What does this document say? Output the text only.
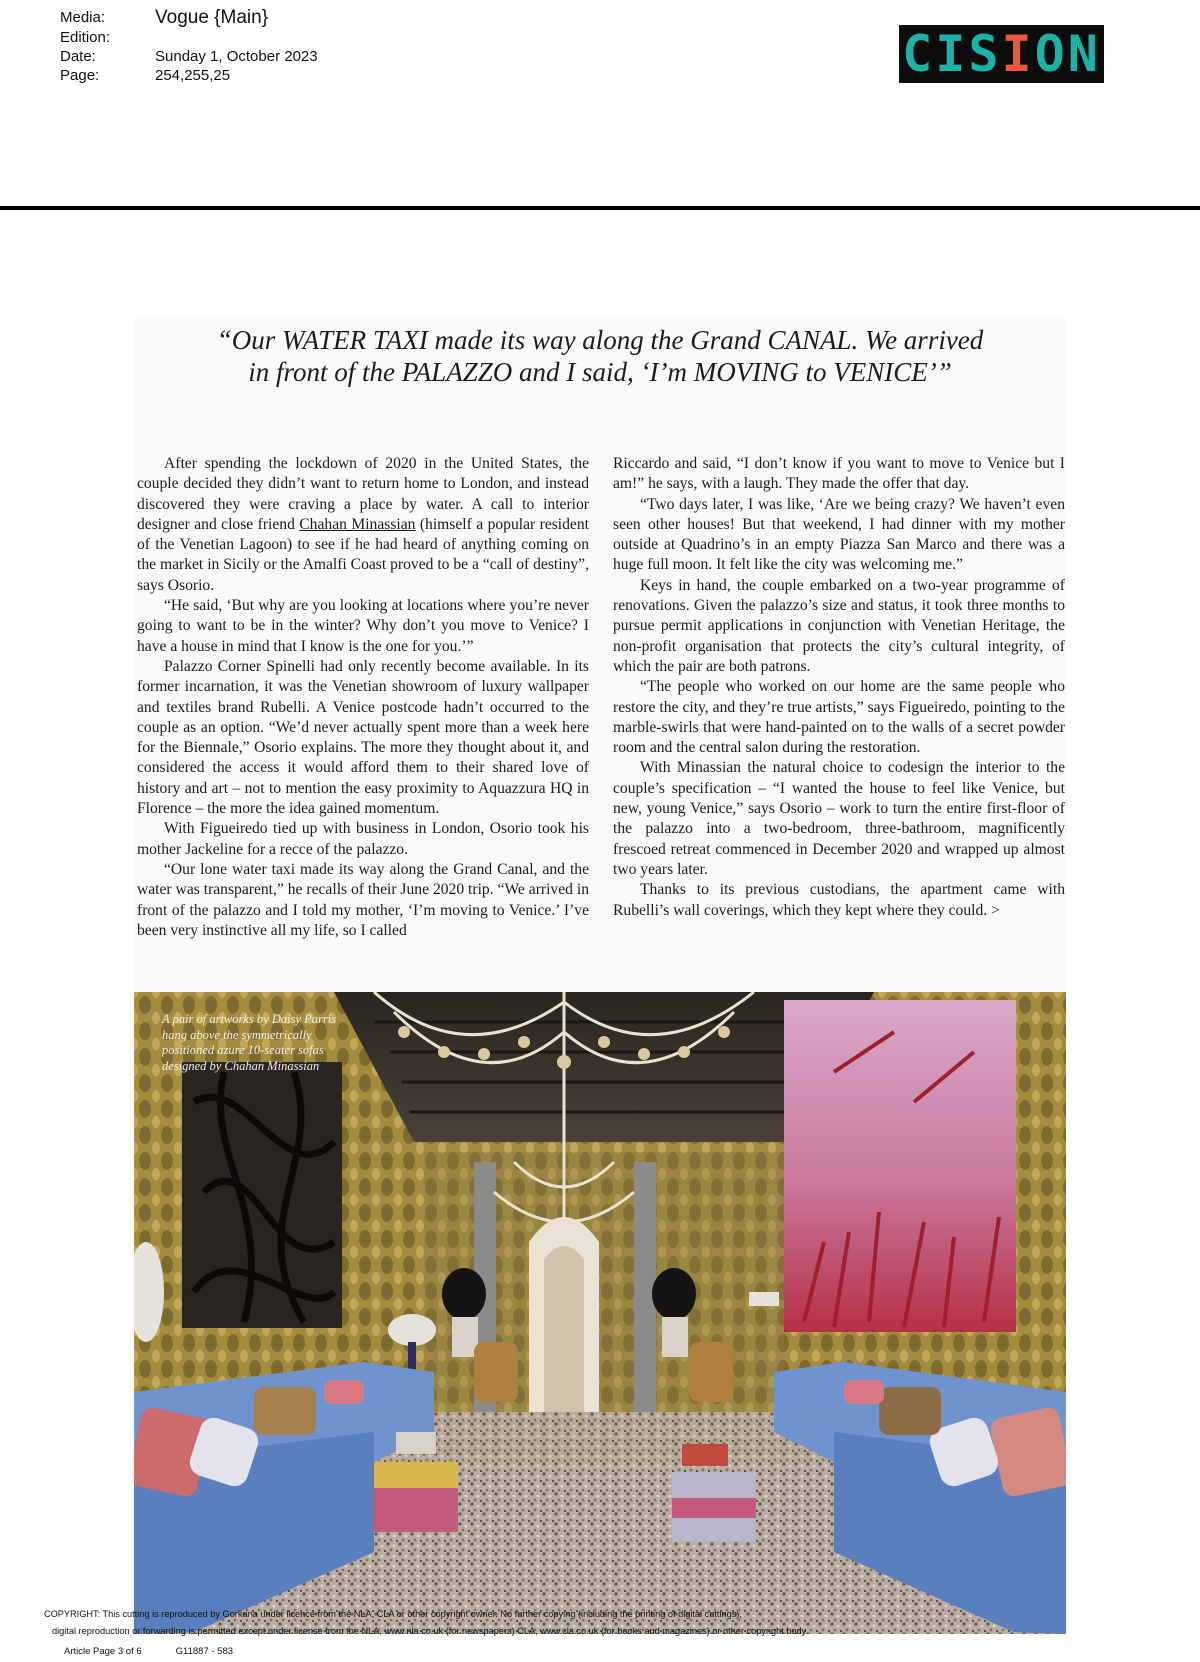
Media:	Vogue {Main}
Edition:
Date:	Sunday 1, October 2023
Page:	254,255,25	CIS I ON
“Our WATER TAXI made its way along the Grand CANAL. We arrived
in front of the PALAZZO and I said, ‘I’m MOVING to VENICE’”

After spending the lockdown of 2020 in the United States, the couple decided they didn’t want to return home to London, and instead discovered they were craving a place by water. A call to interior designer and close friend Chahan Minassian (himself a popular resident of the Venetian Lagoon) to see if he had heard of anything coming on the market in Sicily or the Amalfi Coast proved to be a “call of destiny”, says Osorio.

“He said, ‘But why are you looking at locations where you’re never going to want to be in the winter? Why don’t you move to Venice? I have a house in mind that I know is the one for you.’”

Palazzo Corner Spinelli had only recently become available. In its former incarnation, it was the Venetian showroom of luxury wallpaper and textiles brand Rubelli. A Venice postcode hadn’t occurred to the couple as an option. “We’d never actually spent more than a week here for the Biennale,” Osorio explains. The more they thought about it, and considered the access it would afford them to their shared love of history and art – not to mention the easy proximity to Aquazzura HQ in Florence – the more the idea gained momentum.

With Figueiredo tied up with business in London, Osorio took his mother Jackeline for a recce of the palazzo.

“Our lone water taxi made its way along the Grand Canal, and the water was transparent,” he recalls of their June 2020 trip. “We arrived in front of the palazzo and I told my mother, ‘I’m moving to Venice.’ I’ve been very instinctive all my life, so I called

Riccardo and said, “I don’t know if you want to move to Venice but I am!” he says, with a laugh. They made the offer that day.

“Two days later, I was like, ‘Are we being crazy? We haven’t even seen other houses! But that weekend, I had dinner with my mother outside at Quadrino’s in an empty Piazza San Marco and there was a huge full moon. It felt like the city was welcoming me.”

Keys in hand, the couple embarked on a two-year programme of renovations. Given the palazzo’s size and status, it took three months to pursue permit applications in conjunction with Venetian Heritage, the non-profit organisation that protects the city’s cultural integrity, of which the pair are both patrons.

“The people who worked on our home are the same people who restore the city, and they’re true artists,” says Figueiredo, pointing to the marble-swirls that were hand-painted on to the walls of a secret powder room and the central salon during the restoration.

With Minassian the natural choice to codesign the interior to the couple’s specification – “I wanted the house to feel like Venice, but new, young Venice,” says Osorio – work to turn the entire first-floor of the palazzo into a two-bedroom, three-bathroom, magnificently frescoed retreat commenced in December 2020 and wrapped up almost two years later.

Thanks to its previous custodians, the apartment came with Rubelli’s wall coverings, which they kept where they could. >

A pair of artworks by Daisy Parris hang above the symmetrically positioned azure 10-seater sofas designed by Chahan Minassian
COPYRIGHT: This cutting is reproduced by Gorkana under licence from the NLA, CLA or other copyright owner. No further copying (including the printing of digital cuttings),
digital reproduction or forwarding is permitted except under license from the NLA, www.nla.co.uk (for newspapers) CLA, www.cla.co.uk (for books and magazines) or other copyright body.
Article Page 3 of 6	G11887 - 583
